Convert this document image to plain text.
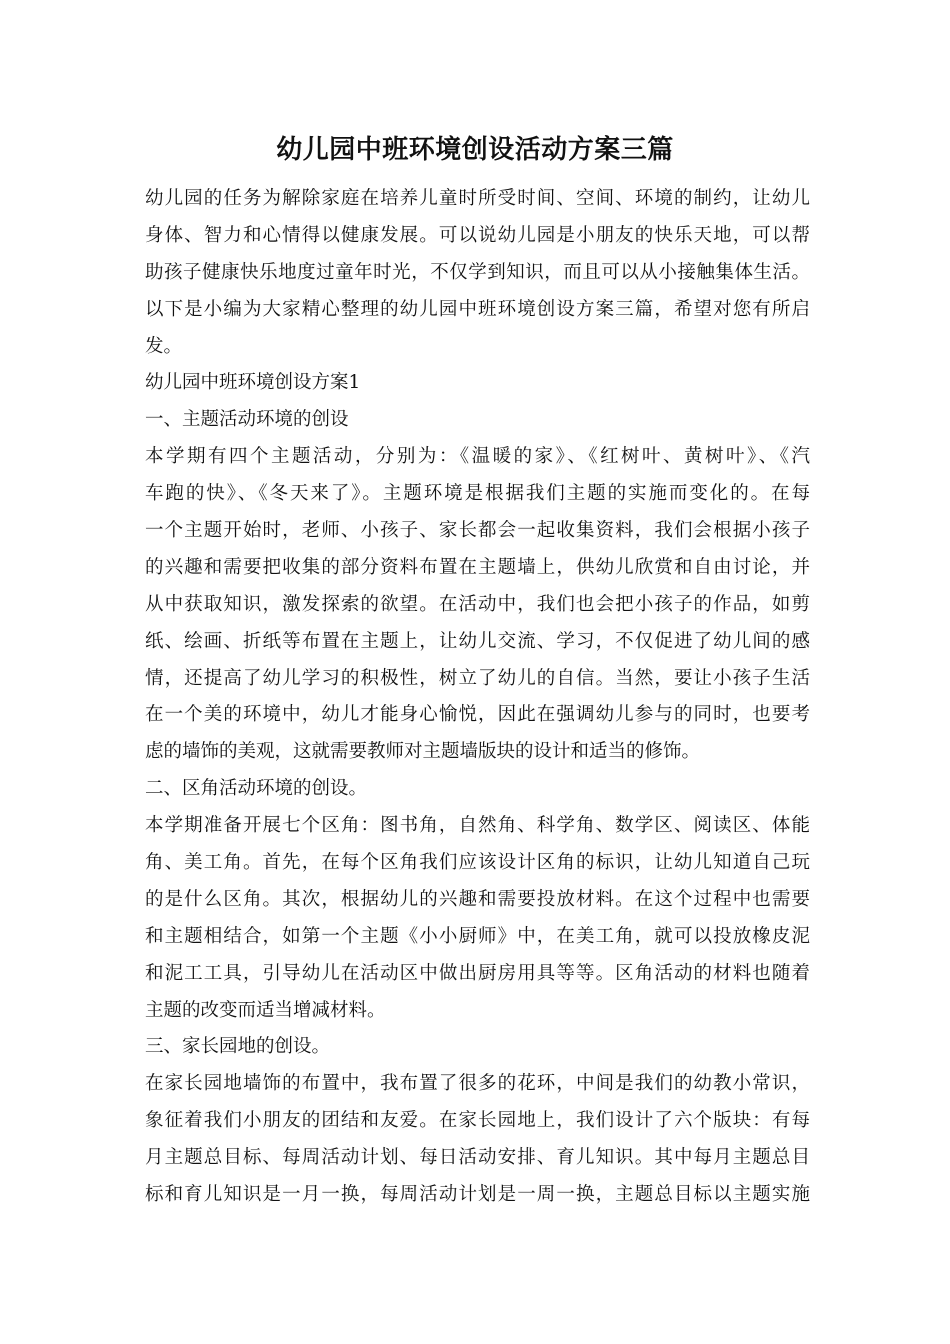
幼儿园中班环境创设活动方案三篇
幼儿园的任务为解除家庭在培养儿童时所受时间、空间、环境的制约，让幼儿
身体、智力和心情得以健康发展。可以说幼儿园是小朋友的快乐天地，可以帮
助孩子健康快乐地度过童年时光，不仅学到知识，而且可以从小接触集体生活。
以下是小编为大家精心整理的幼儿园中班环境创设方案三篇，希望对您有所启
发。
幼儿园中班环境创设方案1
一、主题活动环境的创设
本学期有四个主题活动，分别为：《温暖的家》、《红树叶、黄树叶》、《汽
车跑的快》、《冬天来了》。主题环境是根据我们主题的实施而变化的。在每
一个主题开始时，老师、小孩子、家长都会一起收集资料，我们会根据小孩子
的兴趣和需要把收集的部分资料布置在主题墙上，供幼儿欣赏和自由讨论，并
从中获取知识，激发探索的欲望。在活动中，我们也会把小孩子的作品，如剪
纸、绘画、折纸等布置在主题上，让幼儿交流、学习，不仅促进了幼儿间的感
情，还提高了幼儿学习的积极性，树立了幼儿的自信。当然，要让小孩子生活
在一个美的环境中，幼儿才能身心愉悦，因此在强调幼儿参与的同时，也要考
虑的墙饰的美观，这就需要教师对主题墙版块的设计和适当的修饰。
二、区角活动环境的创设。
本学期准备开展七个区角：图书角，自然角、科学角、数学区、阅读区、体能
角、美工角。首先，在每个区角我们应该设计区角的标识，让幼儿知道自己玩
的是什么区角。其次，根据幼儿的兴趣和需要投放材料。在这个过程中也需要
和主题相结合，如第一个主题《小小厨师》中，在美工角，就可以投放橡皮泥
和泥工工具，引导幼儿在活动区中做出厨房用具等等。区角活动的材料也随着
主题的改变而适当增减材料。
三、家长园地的创设。
在家长园地墙饰的布置中，我布置了很多的花环，中间是我们的幼教小常识，
象征着我们小朋友的团结和友爱。在家长园地上，我们设计了六个版块：有每
月主题总目标、每周活动计划、每日活动安排、育儿知识。其中每月主题总目
标和育儿知识是一月一换，每周活动计划是一周一换，主题总目标以主题实施
